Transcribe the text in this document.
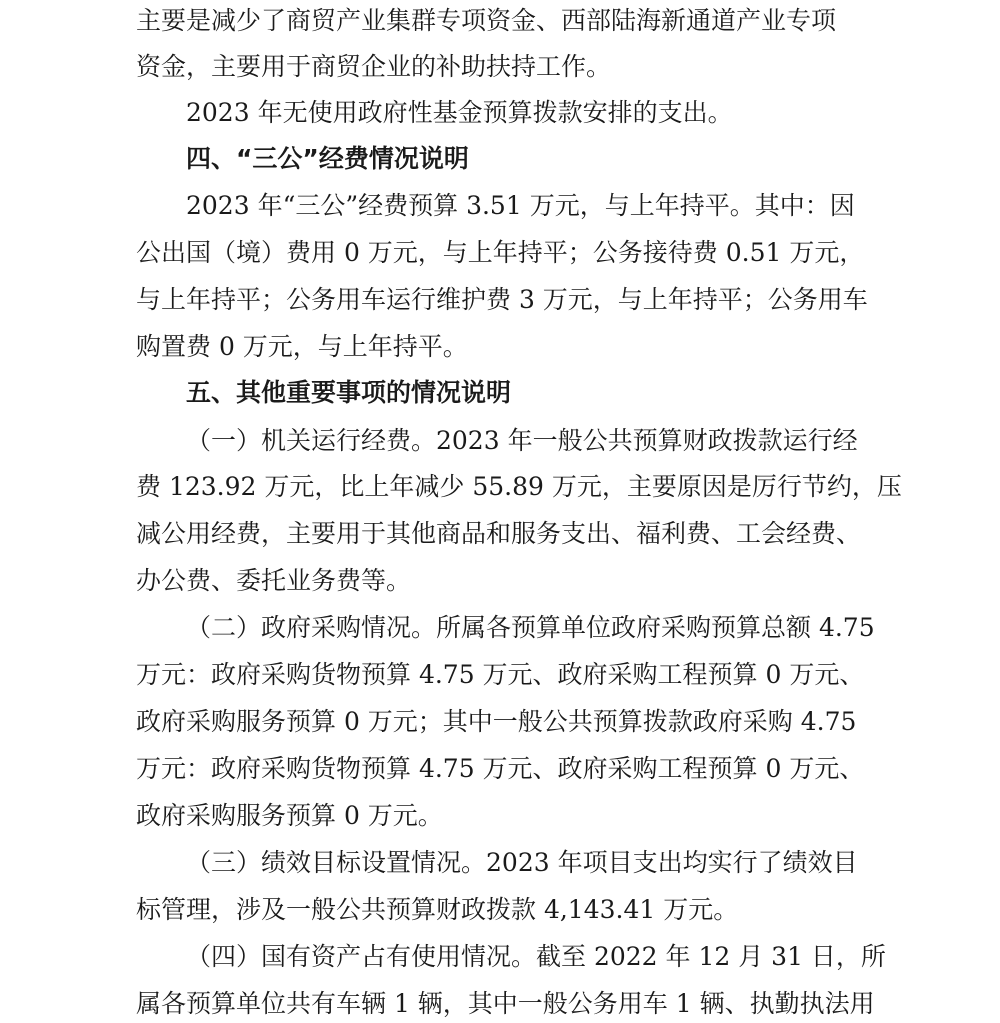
主要是减少了商贸产业集群专项资金、西部陆海新通道产业专项
资金，主要用于商贸企业的补助扶持工作。
2023 年无使用政府性基金预算拨款安排的支出。
四、“三公”经费情况说明
2023 年“三公”经费预算 3.51 万元，与上年持平。其中：因
公出国（境）费用 0 万元，与上年持平；公务接待费 0.51 万元，
与上年持平；公务用车运行维护费 3 万元，与上年持平；公务用车
购置费 0 万元，与上年持平。
五、其他重要事项的情况说明
（一）机关运行经费。2023 年一般公共预算财政拨款运行经
费 123.92 万元，比上年减少 55.89 万元，主要原因是厉行节约，压
减公用经费，主要用于其他商品和服务支出、福利费、工会经费、
办公费、委托业务费等。
（二）政府采购情况。所属各预算单位政府采购预算总额 4.75
万元：政府采购货物预算 4.75 万元、政府采购工程预算 0 万元、
政府采购服务预算 0 万元；其中一般公共预算拨款政府采购 4.75
万元：政府采购货物预算 4.75 万元、政府采购工程预算 0 万元、
政府采购服务预算 0 万元。
（三）绩效目标设置情况。2023 年项目支出均实行了绩效目
标管理，涉及一般公共预算财政拨款 4,143.41 万元。
（四）国有资产占有使用情况。截至 2022 年 12 月 31 日，所
属各预算单位共有车辆 1 辆，其中一般公务用车 1 辆、执勤执法用
